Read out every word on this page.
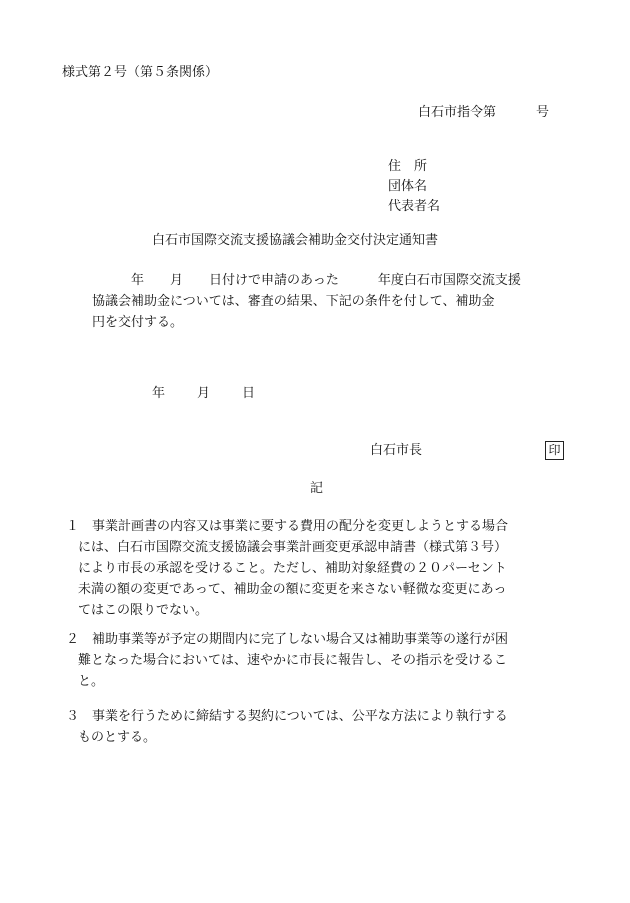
様式第２号（第５条関係）
白石市指令第	号
住　所
団体名
代表者名
白石市国際交流支援協議会補助金交付決定通知書
　　　年　　月　　日付けで申請のあった　　　年度白石市国際交流支援
協議会補助金については、審査の結果、下記の条件を付して、補助金
円を交付する。
年 月 日
白石市長	印
記
１ 事業計画書の内容又は事業に要する費用の配分を変更しようとする場合
には、白石市国際交流支援協議会事業計画変更承認申請書（様式第３号）
により市長の承認を受けること。ただし、補助対象経費の２０パーセント
未満の額の変更であって、補助金の額に変更を来さない軽微な変更にあっ
てはこの限りでない。
２ 補助事業等が予定の期間内に完了しない場合又は補助事業等の遂行が困
難となった場合においては、速やかに市長に報告し、その指示を受けるこ
と。
３ 事業を行うために締結する契約については、公平な方法により執行する
ものとする。
